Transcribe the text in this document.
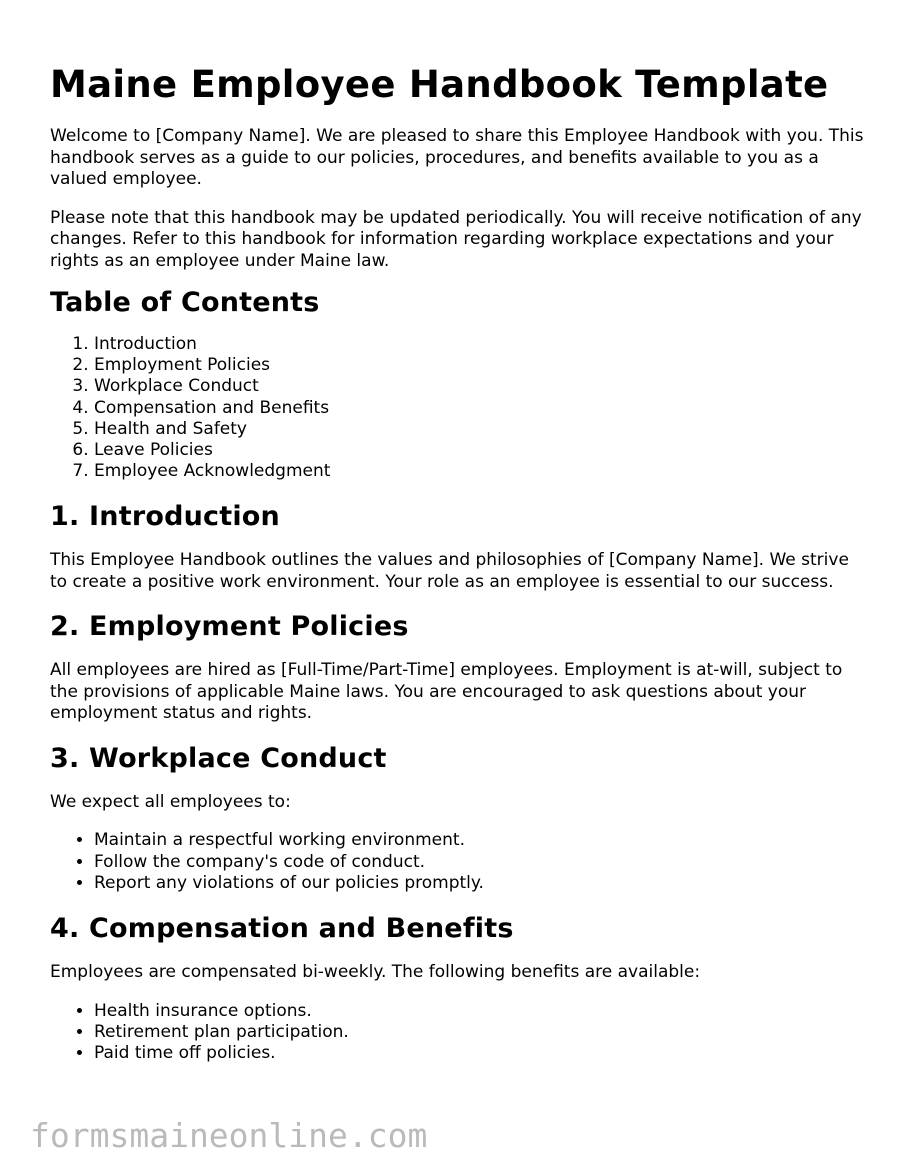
Maine Employee Handbook Template

Welcome to [Company Name]. We are pleased to share this Employee Handbook with you. This handbook serves as a guide to our policies, procedures, and benefits available to you as a valued employee.

Please note that this handbook may be updated periodically. You will receive notification of any changes. Refer to this handbook for information regarding workplace expectations and your rights as an employee under Maine law.

Table of Contents
1. Introduction
2. Employment Policies
3. Workplace Conduct
4. Compensation and Benefits
5. Health and Safety
6. Leave Policies
7. Employee Acknowledgment
1. Introduction

This Employee Handbook outlines the values and philosophies of [Company Name]. We strive to create a positive work environment. Your role as an employee is essential to our success.

2. Employment Policies

All employees are hired as [Full-Time/Part-Time] employees. Employment is at-will, subject to the provisions of applicable Maine laws. You are encouraged to ask questions about your employment status and rights.

3. Workplace Conduct

We expect all employees to:

• Maintain a respectful working environment.
• Follow the company's code of conduct.
• Report any violations of our policies promptly.
4. Compensation and Benefits

Employees are compensated bi-weekly. The following benefits are available:

• Health insurance options.
• Retirement plan participation.
• Paid time off policies.
formsmaineonline.com
